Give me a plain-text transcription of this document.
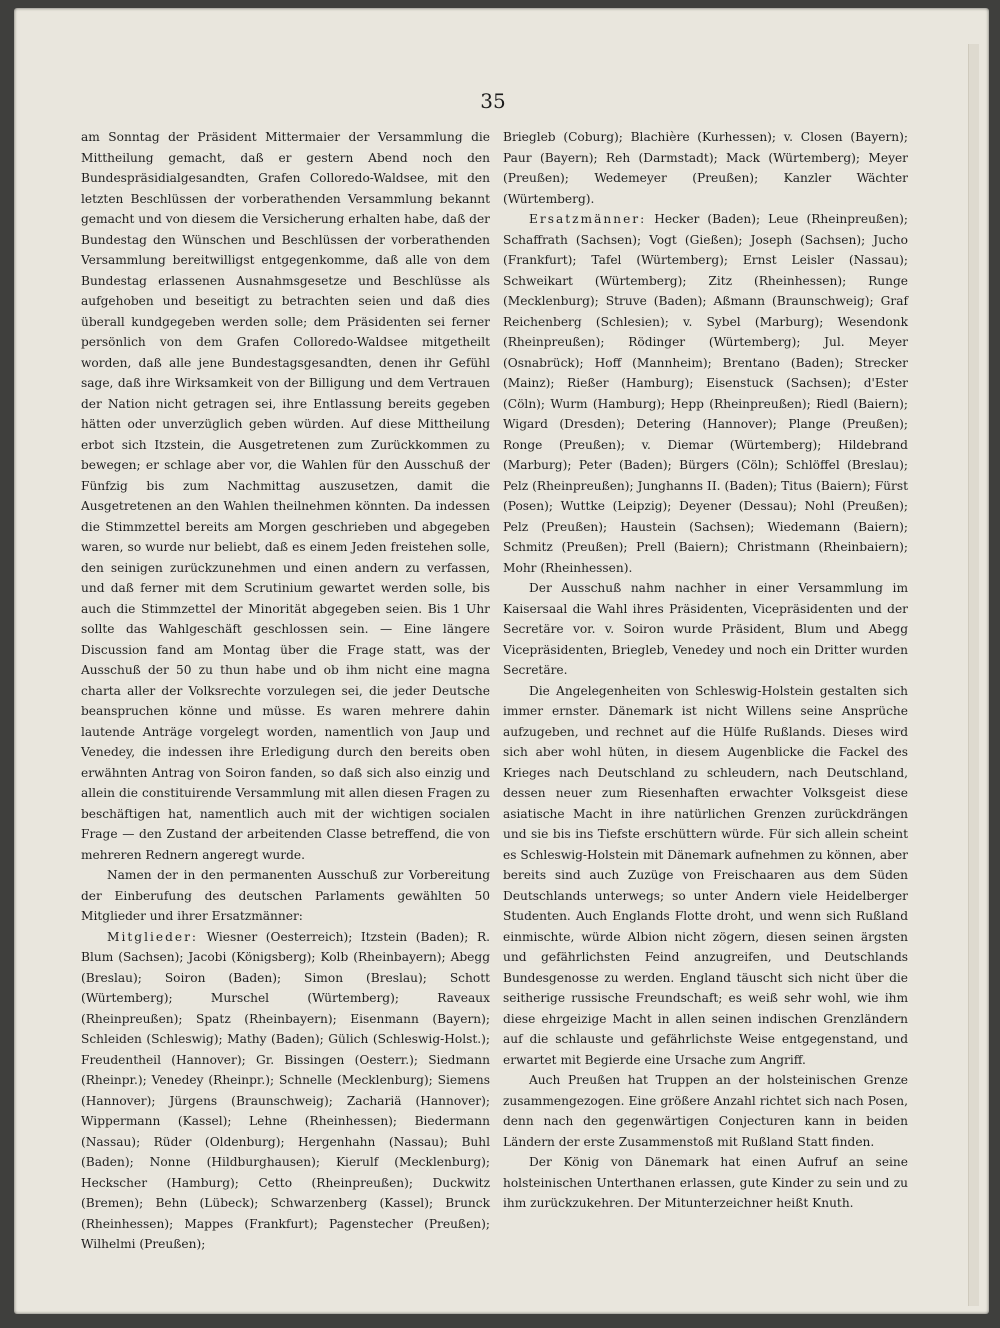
35

am Sonntag der Präsident Mittermaier der Versammlung die Mittheilung gemacht, daß er gestern Abend noch den Bundespräsidialgesandten, Grafen Colloredo-Waldsee, mit den letzten Beschlüssen der vorberathenden Versammlung bekannt gemacht und von diesem die Versicherung erhalten habe, daß der Bundestag den Wünschen und Beschlüssen der vorberathenden Versammlung bereitwilligst entgegenkomme, daß alle von dem Bundestag erlassenen Ausnahmsgesetze und Beschlüsse als aufgehoben und beseitigt zu betrachten seien und daß dies überall kundgegeben werden solle; dem Präsidenten sei ferner persönlich von dem Grafen Colloredo-Waldsee mitgetheilt worden, daß alle jene Bundestagsgesandten, denen ihr Gefühl sage, daß ihre Wirksamkeit von der Billigung und dem Vertrauen der Nation nicht getragen sei, ihre Entlassung bereits gegeben hätten oder unverzüglich geben würden. Auf diese Mittheilung erbot sich Itzstein, die Ausgetretenen zum Zurückkommen zu bewegen; er schlage aber vor, die Wahlen für den Ausschuß der Fünfzig bis zum Nachmittag auszusetzen, damit die Ausgetretenen an den Wahlen theilnehmen könnten. Da indessen die Stimmzettel bereits am Morgen geschrieben und abgegeben waren, so wurde nur beliebt, daß es einem Jeden freistehen solle, den seinigen zurückzunehmen und einen andern zu verfassen, und daß ferner mit dem Scrutinium gewartet werden solle, bis auch die Stimmzettel der Minorität abgegeben seien. Bis 1 Uhr sollte das Wahlgeschäft geschlossen sein. — Eine längere Discussion fand am Montag über die Frage statt, was der Ausschuß der 50 zu thun habe und ob ihm nicht eine magna charta aller der Volksrechte vorzulegen sei, die jeder Deutsche beanspruchen könne und müsse. Es waren mehrere dahin lautende Anträge vorgelegt worden, namentlich von Jaup und Venedey, die indessen ihre Erledigung durch den bereits oben erwähnten Antrag von Soiron fanden, so daß sich also einzig und allein die constituirende Versammlung mit allen diesen Fragen zu beschäftigen hat, namentlich auch mit der wichtigen socialen Frage — den Zustand der arbeitenden Classe betreffend, die von mehreren Rednern angeregt wurde.

Namen der in den permanenten Ausschuß zur Vorbereitung der Einberufung des deutschen Parlaments gewählten 50 Mitglieder und ihrer Ersatzmänner:

Mitglieder: Wiesner (Oesterreich); Itzstein (Baden); R. Blum (Sachsen); Jacobi (Königsberg); Kolb (Rheinbayern); Abegg (Breslau); Soiron (Baden); Simon (Breslau); Schott (Würtemberg); Murschel (Würtemberg); Raveaux (Rheinpreußen); Spatz (Rheinbayern); Eisenmann (Bayern); Schleiden (Schleswig); Mathy (Baden); Gülich (Schleswig-Holst.); Freudentheil (Hannover); Gr. Bissingen (Oesterr.); Siedmann (Rheinpr.); Venedey (Rheinpr.); Schnelle (Mecklenburg); Siemens (Hannover); Jürgens (Braunschweig); Zachariä (Hannover); Wippermann (Kassel); Lehne (Rheinhessen); Biedermann (Nassau); Rüder (Oldenburg); Hergenhahn (Nassau); Buhl (Baden); Nonne (Hildburghausen); Kierulf (Mecklenburg); Heckscher (Hamburg); Cetto (Rheinpreußen); Duckwitz (Bremen); Behn (Lübeck); Schwarzenberg (Kassel); Brunck (Rheinhessen); Mappes (Frankfurt); Pagenstecher (Preußen); Wilhelmi (Preußen);

Briegleb (Coburg); Blachière (Kurhessen); v. Closen (Bayern); Paur (Bayern); Reh (Darmstadt); Mack (Würtemberg); Meyer (Preußen); Wedemeyer (Preußen); Kanzler Wächter (Würtemberg).

Ersatzmänner: Hecker (Baden); Leue (Rheinpreußen); Schaffrath (Sachsen); Vogt (Gießen); Joseph (Sachsen); Jucho (Frankfurt); Tafel (Würtemberg); Ernst Leisler (Nassau); Schweikart (Würtemberg); Zitz (Rheinhessen); Runge (Mecklenburg); Struve (Baden); Aßmann (Braunschweig); Graf Reichenberg (Schlesien); v. Sybel (Marburg); Wesendonk (Rheinpreußen); Rödinger (Würtemberg); Jul. Meyer (Osnabrück); Hoff (Mannheim); Brentano (Baden); Strecker (Mainz); Rießer (Hamburg); Eisenstuck (Sachsen); d'Ester (Cöln); Wurm (Hamburg); Hepp (Rheinpreußen); Riedl (Baiern); Wigard (Dresden); Detering (Hannover); Plange (Preußen); Ronge (Preußen); v. Diemar (Würtemberg); Hildebrand (Marburg); Peter (Baden); Bürgers (Cöln); Schlöffel (Breslau); Pelz (Rheinpreußen); Junghanns II. (Baden); Titus (Baiern); Fürst (Posen); Wuttke (Leipzig); Deyener (Dessau); Nohl (Preußen); Pelz (Preußen); Haustein (Sachsen); Wiedemann (Baiern); Schmitz (Preußen); Prell (Baiern); Christmann (Rheinbaiern); Mohr (Rheinhessen).

Der Ausschuß nahm nachher in einer Versammlung im Kaisersaal die Wahl ihres Präsidenten, Vicepräsidenten und der Secretäre vor. v. Soiron wurde Präsident, Blum und Abegg Vicepräsidenten, Briegleb, Venedey und noch ein Dritter wurden Secretäre.

Die Angelegenheiten von Schleswig-Holstein gestalten sich immer ernster. Dänemark ist nicht Willens seine Ansprüche aufzugeben, und rechnet auf die Hülfe Rußlands. Dieses wird sich aber wohl hüten, in diesem Augenblicke die Fackel des Krieges nach Deutschland zu schleudern, nach Deutschland, dessen neuer zum Riesenhaften erwachter Volksgeist diese asiatische Macht in ihre natürlichen Grenzen zurückdrängen und sie bis ins Tiefste erschüttern würde. Für sich allein scheint es Schleswig-Holstein mit Dänemark aufnehmen zu können, aber bereits sind auch Zuzüge von Freischaaren aus dem Süden Deutschlands unterwegs; so unter Andern viele Heidelberger Studenten. Auch Englands Flotte droht, und wenn sich Rußland einmischte, würde Albion nicht zögern, diesen seinen ärgsten und gefährlichsten Feind anzugreifen, und Deutschlands Bundesgenosse zu werden. England täuscht sich nicht über die seitherige russische Freundschaft; es weiß sehr wohl, wie ihm diese ehrgeizige Macht in allen seinen indischen Grenzländern auf die schlauste und gefährlichste Weise entgegenstand, und erwartet mit Begierde eine Ursache zum Angriff.

Auch Preußen hat Truppen an der holsteinischen Grenze zusammengezogen. Eine größere Anzahl richtet sich nach Posen, denn nach den gegenwärtigen Conjecturen kann in beiden Ländern der erste Zusammenstoß mit Rußland Statt finden.

Der König von Dänemark hat einen Aufruf an seine holsteinischen Unterthanen erlassen, gute Kinder zu sein und zu ihm zurückzukehren. Der Mitunterzeichner heißt Knuth.
